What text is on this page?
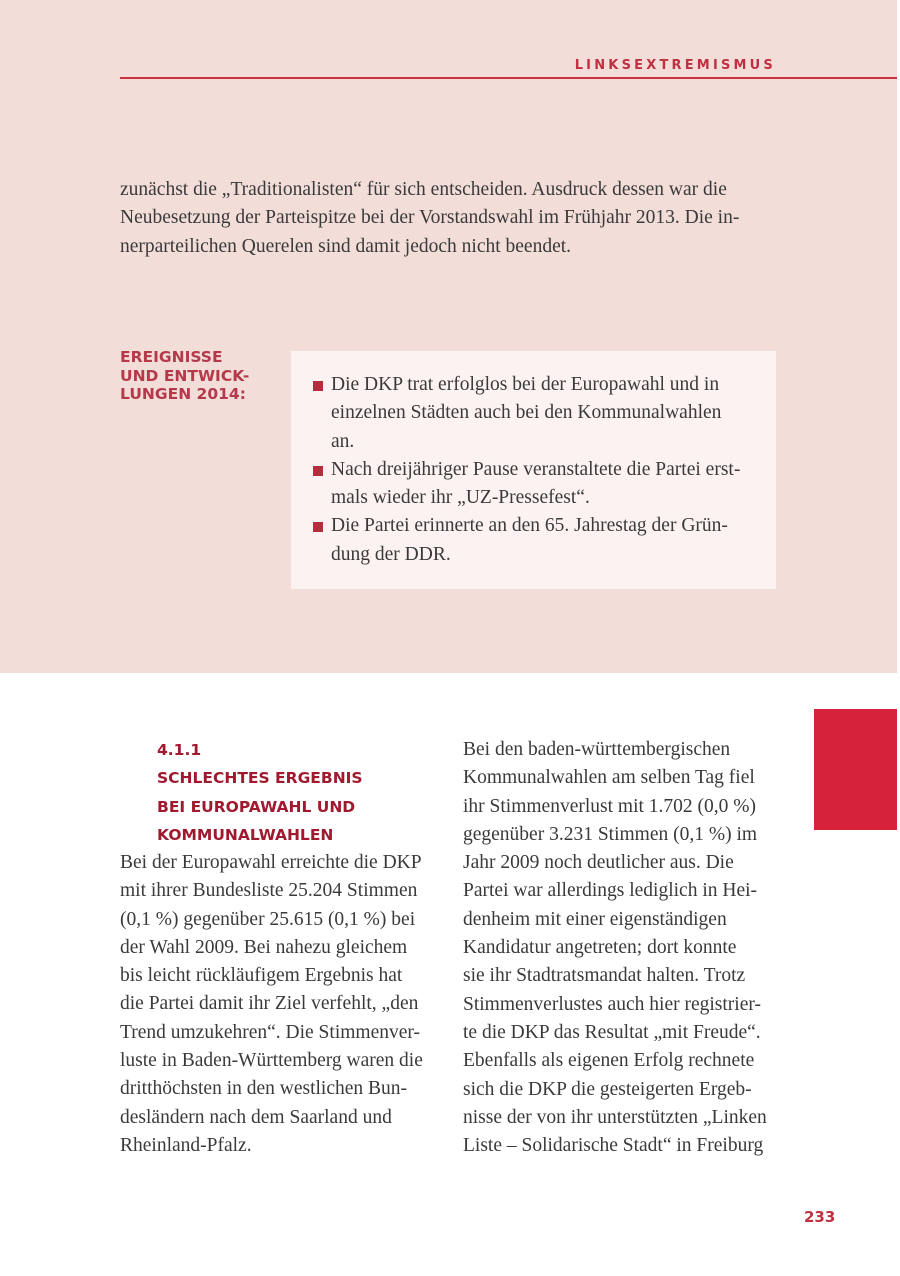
LINKSEXTREMISMUS
zunächst die „Traditionalisten“ für sich entscheiden. Ausdruck dessen war die
Neubesetzung der Parteispitze bei der Vorstandswahl im Frühjahr 2013. Die in-
nerparteilichen Querelen sind damit jedoch nicht beendet.
EREIGNISSE
UND ENTWICK-
LUNGEN 2014:	Die DKP trat erfolglos bei der Europawahl und in
einzelnen Städten auch bei den Kommunalwahlen
an.
Nach dreijähriger Pause veranstaltete die Partei erst-
mals wieder ihr „UZ-Pressefest“.
Die Partei erinnerte an den 65. Jahrestag der Grün-
dung der DDR.
4.1.1
SCHLECHTES ERGEBNIS
BEI EUROPAWAHL UND
KOMMUNALWAHLEN
Bei der Europawahl erreichte die DKP
mit ihrer Bundesliste 25.204 Stimmen
(0,1 %) gegenüber 25.615 (0,1 %) bei
der Wahl 2009. Bei nahezu gleichem
bis leicht rückläufigem Ergebnis hat
die Partei damit ihr Ziel verfehlt, „den
Trend umzukehren“. Die Stimmenver-
luste in Baden-Württemberg waren die
dritthöchsten in den westlichen Bun-
desländern nach dem Saarland und
Rheinland-Pfalz.
Bei den baden-württembergischen
Kommunalwahlen am selben Tag fiel
ihr Stimmenverlust mit 1.702 (0,0 %)
gegenüber 3.231 Stimmen (0,1 %) im
Jahr 2009 noch deutlicher aus. Die
Partei war allerdings lediglich in Hei-
denheim mit einer eigenständigen
Kandidatur angetreten; dort konnte
sie ihr Stadtratsmandat halten. Trotz
Stimmenverlustes auch hier registrier-
te die DKP das Resultat „mit Freude“.
Ebenfalls als eigenen Erfolg rechnete
sich die DKP die gesteigerten Ergeb-
nisse der von ihr unterstützten „Linken
Liste – Solidarische Stadt“ in Freiburg
233
